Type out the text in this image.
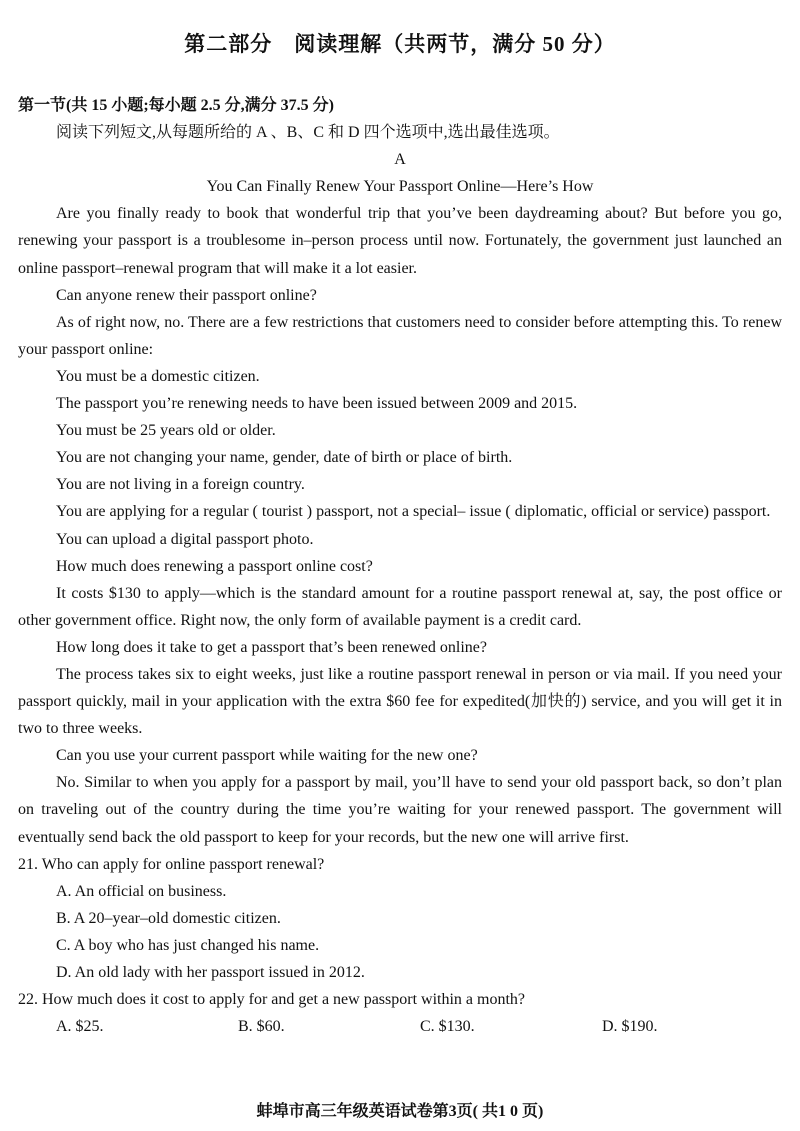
第二部分　阅读理解（共两节，满分 50 分）
第一节(共 15 小题;每小题 2.5 分,满分 37.5 分)
阅读下列短文,从每题所给的 A 、B、C 和 D 四个选项中,选出最佳选项。
A
You Can Finally Renew Your Passport Online—Here’s How
Are you finally ready to book that wonderful trip that you’ve been daydreaming about? But before you go, renewing your passport is a troublesome in–person process until now. Fortunately, the government just launched an online passport–renewal program that will make it a lot easier.
Can anyone renew their passport online?
As of right now, no. There are a few restrictions that customers need to consider before attempting this. To renew your passport online:
You must be a domestic citizen.
The passport you’re renewing needs to have been issued between 2009 and 2015.
You must be 25 years old or older.
You are not changing your name, gender, date of birth or place of birth.
You are not living in a foreign country.
You are applying for a regular ( tourist ) passport, not a special– issue ( diplomatic, official or service) passport.
You can upload a digital passport photo.
How much does renewing a passport online cost?
It costs $130 to apply—which is the standard amount for a routine passport renewal at, say, the post office or other government office. Right now, the only form of available payment is a credit card.
How long does it take to get a passport that’s been renewed online?
The process takes six to eight weeks, just like a routine passport renewal in person or via mail. If you need your passport quickly, mail in your application with the extra $60 fee for expedited(加快的) service, and you will get it in two to three weeks.
Can you use your current passport while waiting for the new one?
No. Similar to when you apply for a passport by mail, you’ll have to send your old passport back, so don’t plan on traveling out of the country during the time you’re waiting for your renewed passport. The government will eventually send back the old passport to keep for your records, but the new one will arrive first.
21. Who can apply for online passport renewal?
A. An official on business.
B. A 20–year–old domestic citizen.
C. A boy who has just changed his name.
D. An old lady with her passport issued in 2012.
22. How much does it cost to apply for and get a new passport within a month?
A. $25.	B. $60.	C. $130.	D. $190.
蚌埠市高三年级英语试卷第3页( 共1 0 页)
